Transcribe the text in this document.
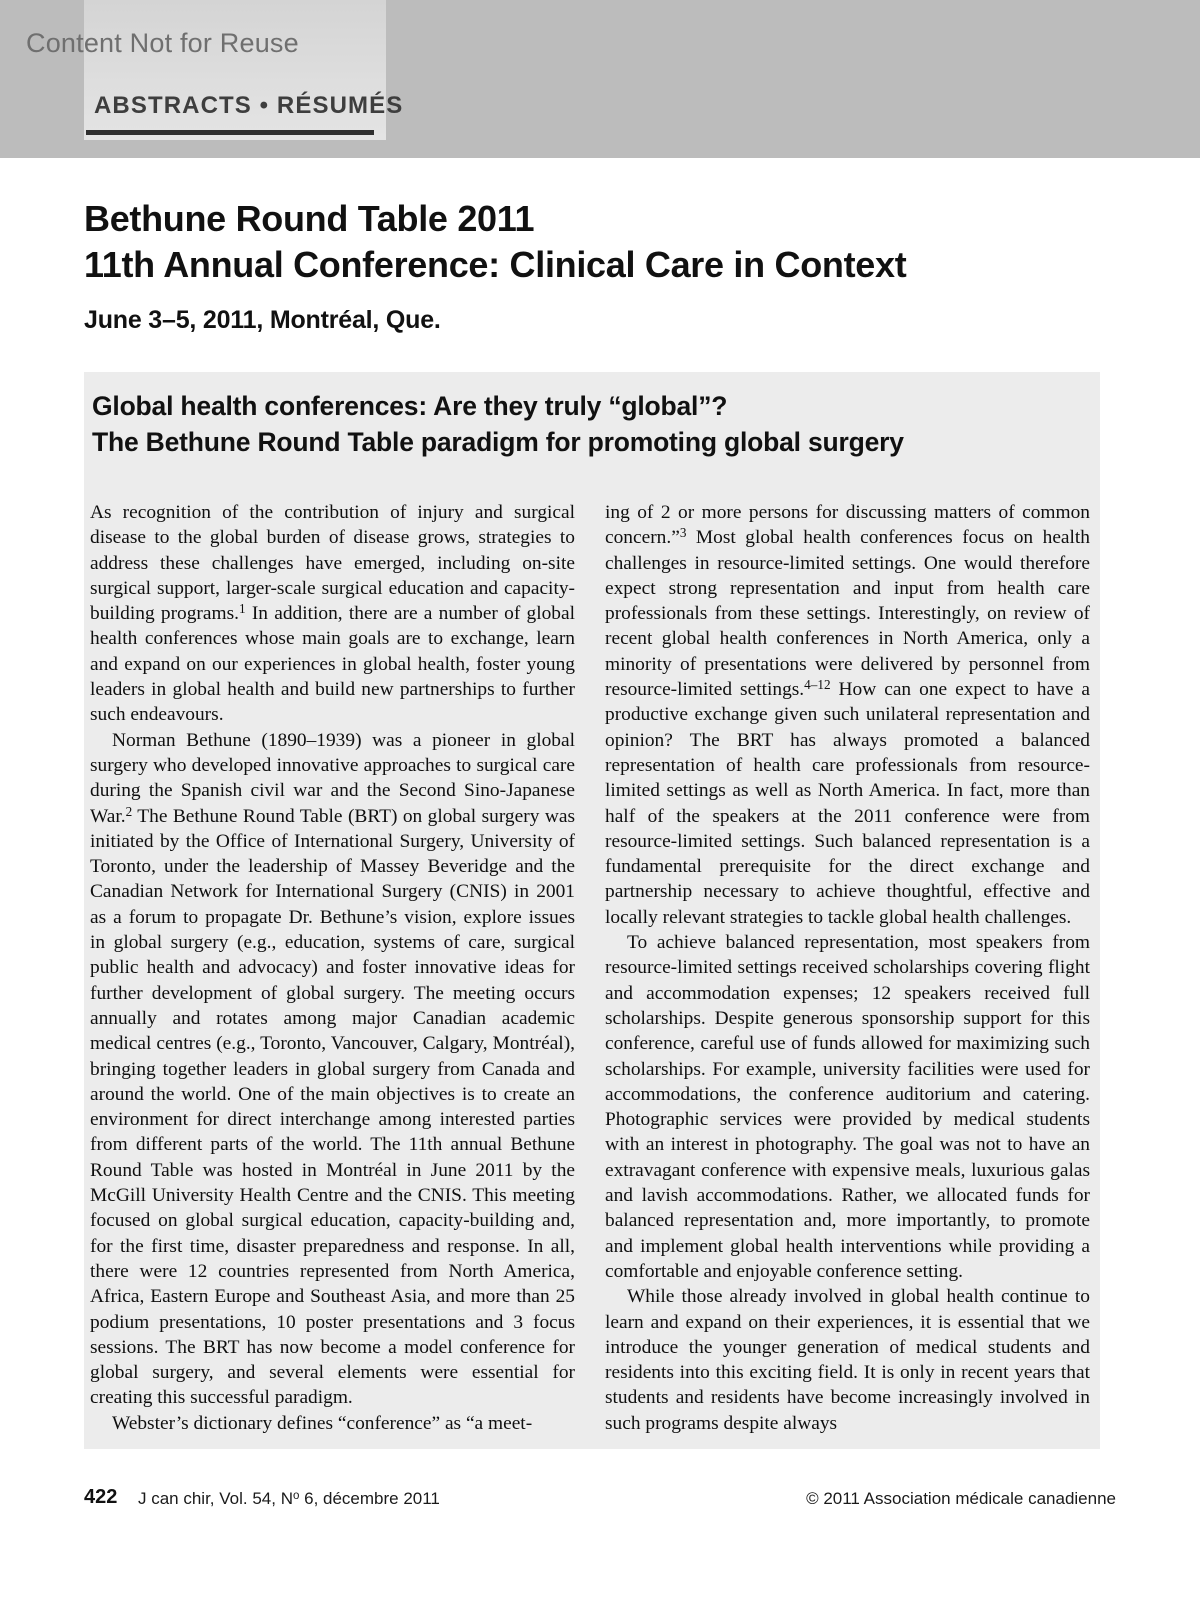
Content Not for Reuse
ABSTRACTS • RÉSUMÉS
Bethune Round Table 2011
11th Annual Conference: Clinical Care in Context
June 3–5, 2011, Montréal, Que.
Global health conferences: Are they truly “global”?
The Bethune Round Table paradigm for promoting global surgery

As recognition of the contribution of injury and surgical disease to the global burden of disease grows, strategies to address these challenges have emerged, including on-site surgical support, larger-scale surgical education and capacity-building programs.$^1$ In addition, there are a number of global health conferences whose main goals are to exchange, learn and expand on our experiences in global health, foster young leaders in global health and build new partnerships to further such endeavours.

Norman Bethune (1890–1939) was a pioneer in global surgery who developed innovative approaches to surgical care during the Spanish civil war and the Second Sino-Japanese War.$^2$ The Bethune Round Table (BRT) on global surgery was initiated by the Office of International Surgery, University of Toronto, under the leadership of Massey Beveridge and the Canadian Network for International Surgery (CNIS) in 2001 as a forum to propagate Dr. Bethune’s vision, explore issues in global surgery (e.g., education, systems of care, surgical public health and advocacy) and foster innovative ideas for further development of global surgery. The meeting occurs annually and rotates among major Canadian academic medical centres (e.g., Toronto, Vancouver, Calgary, Montréal), bringing together leaders in global surgery from Canada and around the world. One of the main objectives is to create an environment for direct interchange among interested parties from different parts of the world. The 11th annual Bethune Round Table was hosted in Montréal in June 2011 by the McGill University Health Centre and the CNIS. This meeting focused on global surgical education, capacity-building and, for the first time, disaster preparedness and response. In all, there were 12 countries represented from North America, Africa, Eastern Europe and Southeast Asia, and more than 25 podium presentations, 10 poster presentations and 3 focus sessions. The BRT has now become a model conference for global surgery, and several elements were essential for creating this successful paradigm.

Webster’s dictionary defines “conference” as “a meet-

ing of 2 or more persons for discussing matters of common concern.”$^3$ Most global health conferences focus on health challenges in resource-limited settings. One would therefore expect strong representation and input from health care professionals from these settings. Interestingly, on review of recent global health conferences in North America, only a minority of presentations were delivered by personnel from resource-limited settings.$^{4-12}$ How can one expect to have a productive exchange given such unilateral representation and opinion? The BRT has always promoted a balanced representation of health care professionals from resource-limited settings as well as North America. In fact, more than half of the speakers at the 2011 conference were from resource-limited settings. Such balanced representation is a fundamental prerequisite for the direct exchange and partnership necessary to achieve thoughtful, effective and locally relevant strategies to tackle global health challenges.

To achieve balanced representation, most speakers from resource-limited settings received scholarships covering flight and accommodation expenses; 12 speakers received full scholarships. Despite generous sponsorship support for this conference, careful use of funds allowed for maximizing such scholarships. For example, university facilities were used for accommodations, the conference auditorium and catering. Photographic services were provided by medical students with an interest in photography. The goal was not to have an extravagant conference with expensive meals, luxurious galas and lavish accommodations. Rather, we allocated funds for balanced representation and, more importantly, to promote and implement global health interventions while providing a comfortable and enjoyable conference setting.

While those already involved in global health continue to learn and expand on their experiences, it is essential that we introduce the younger generation of medical students and residents into this exciting field. It is only in recent years that students and residents have become increasingly involved in such programs despite always

422 J can chir, Vol. 54, $N^o$ 6, décembre 2011	© 2011 Association médicale canadienne
